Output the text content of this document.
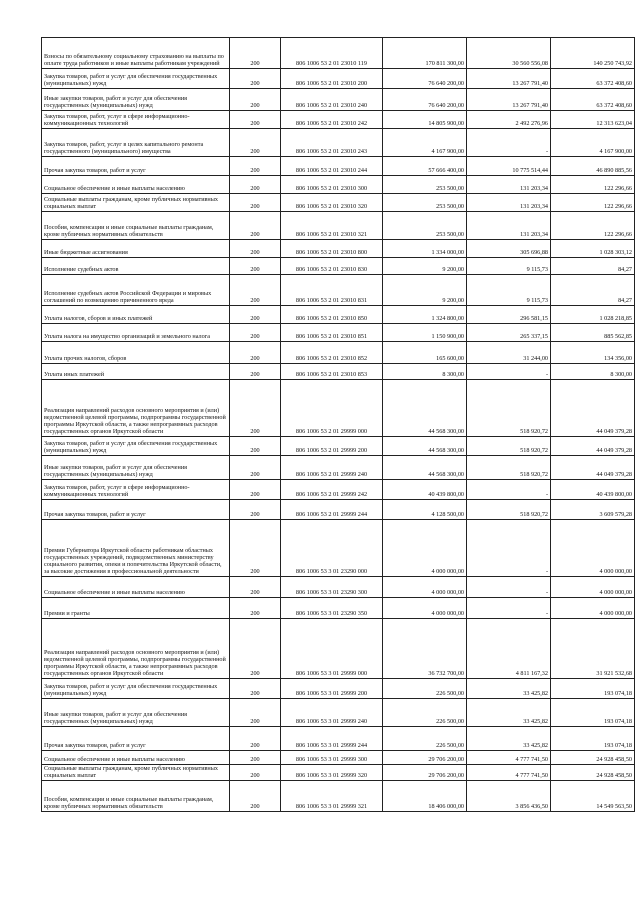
Взносы по обязательному социальному страхованию на выплаты по оплате труда работников и иные выплаты работникам учреждений	200	806 1006 53 2 01 23010 119	170 811 300,00	30 560 556,08	140 250 743,92
Закупка товаров, работ и услуг для обеспечения государственных (муниципальных) нужд	200	806 1006 53 2 01 23010 200	76 640 200,00	13 267 791,40	63 372 408,60
Иные закупки товаров, работ и услуг для обеспечения государственных (муниципальных) нужд	200	806 1006 53 2 01 23010 240	76 640 200,00	13 267 791,40	63 372 408,60
Закупка товаров, работ, услуг в сфере информационно-коммуникационных технологий	200	806 1006 53 2 01 23010 242	14 805 900,00	2 492 276,96	12 313 623,04
Закупка товаров, работ, услуг в целях капитального ремонта государственного (муниципального) имущества	200	806 1006 53 2 01 23010 243	4 167 900,00	-	4 167 900,00
Прочая закупка товаров, работ и услуг	200	806 1006 53 2 01 23010 244	57 666 400,00	10 775 514,44	46 890 885,56
Социальное обеспечение и иные выплаты населению	200	806 1006 53 2 01 23010 300	253 500,00	131 203,34	122 296,66
Социальные выплаты гражданам, кроме публичных нормативных социальных выплат	200	806 1006 53 2 01 23010 320	253 500,00	131 203,34	122 296,66
Пособия, компенсации и иные социальные выплаты гражданам, кроме публичных нормативных обязательств	200	806 1006 53 2 01 23010 321	253 500,00	131 203,34	122 296,66
Иные бюджетные ассигнования	200	806 1006 53 2 01 23010 800	1 334 000,00	305 696,88	1 028 303,12
Исполнение судебных актов	200	806 1006 53 2 01 23010 830	9 200,00	9 115,73	84,27
Исполнение судебных актов Российской Федерации и мировых соглашений по возмещению причиненного вреда	200	806 1006 53 2 01 23010 831	9 200,00	9 115,73	84,27
Уплата налогов, сборов и иных платежей	200	806 1006 53 2 01 23010 850	1 324 800,00	296 581,15	1 028 218,85
Уплата налога на имущество организаций и земельного налога	200	806 1006 53 2 01 23010 851	1 150 900,00	265 337,15	885 562,85
Уплата прочих налогов, сборов	200	806 1006 53 2 01 23010 852	165 600,00	31 244,00	134 356,00
Уплата иных платежей	200	806 1006 53 2 01 23010 853	8 300,00	-	8 300,00
Реализация направлений расходов основного мероприятия и (или) ведомственной целевой программы, подпрограммы государственной программы Иркутской области, а также непрограммных расходов государственных органов Иркутской области	200	806 1006 53 2 01 29999 000	44 568 300,00	518 920,72	44 049 379,28
Закупка товаров, работ и услуг для обеспечения государственных (муниципальных) нужд	200	806 1006 53 2 01 29999 200	44 568 300,00	518 920,72	44 049 379,28
Иные закупки товаров, работ и услуг для обеспечения государственных (муниципальных) нужд	200	806 1006 53 2 01 29999 240	44 568 300,00	518 920,72	44 049 379,28
Закупка товаров, работ, услуг в сфере информационно-коммуникационных технологий	200	806 1006 53 2 01 29999 242	40 439 800,00	-	40 439 800,00
Прочая закупка товаров, работ и услуг	200	806 1006 53 2 01 29999 244	4 128 500,00	518 920,72	3 609 579,28
Премии Губернатора Иркутской области работникам областных государственных учреждений, подведомственных министерству социального развития, опеки и попечительства Иркутской области, за высокие достижения в профессиональной деятельности	200	806 1006 53 3 01 23290 000	4 000 000,00	-	4 000 000,00
Социальное обеспечение и иные выплаты населению	200	806 1006 53 3 01 23290 300	4 000 000,00	-	4 000 000,00
Премии и гранты	200	806 1006 53 3 01 23290 350	4 000 000,00	-	4 000 000,00
Реализация направлений расходов основного мероприятия и (или) ведомственной целевой программы, подпрограммы государственной программы Иркутской области, а также непрограммных расходов государственных органов Иркутской области	200	806 1006 53 3 01 29999 000	36 732 700,00	4 811 167,32	31 921 532,68
Закупка товаров, работ и услуг для обеспечения государственных (муниципальных) нужд	200	806 1006 53 3 01 29999 200	226 500,00	33 425,82	193 074,18
Иные закупки товаров, работ и услуг для обеспечения государственных (муниципальных) нужд	200	806 1006 53 3 01 29999 240	226 500,00	33 425,82	193 074,18
Прочая закупка товаров, работ и услуг	200	806 1006 53 3 01 29999 244	226 500,00	33 425,82	193 074,18
Социальное обеспечение и иные выплаты населению	200	806 1006 53 3 01 29999 300	29 706 200,00	4 777 741,50	24 928 458,50
Социальные выплаты гражданам, кроме публичных нормативных социальных выплат	200	806 1006 53 3 01 29999 320	29 706 200,00	4 777 741,50	24 928 458,50
Пособия, компенсации и иные социальные выплаты гражданам, кроме публичных нормативных обязательств	200	806 1006 53 3 01 29999 321	18 406 000,00	3 856 436,50	14 549 563,50
